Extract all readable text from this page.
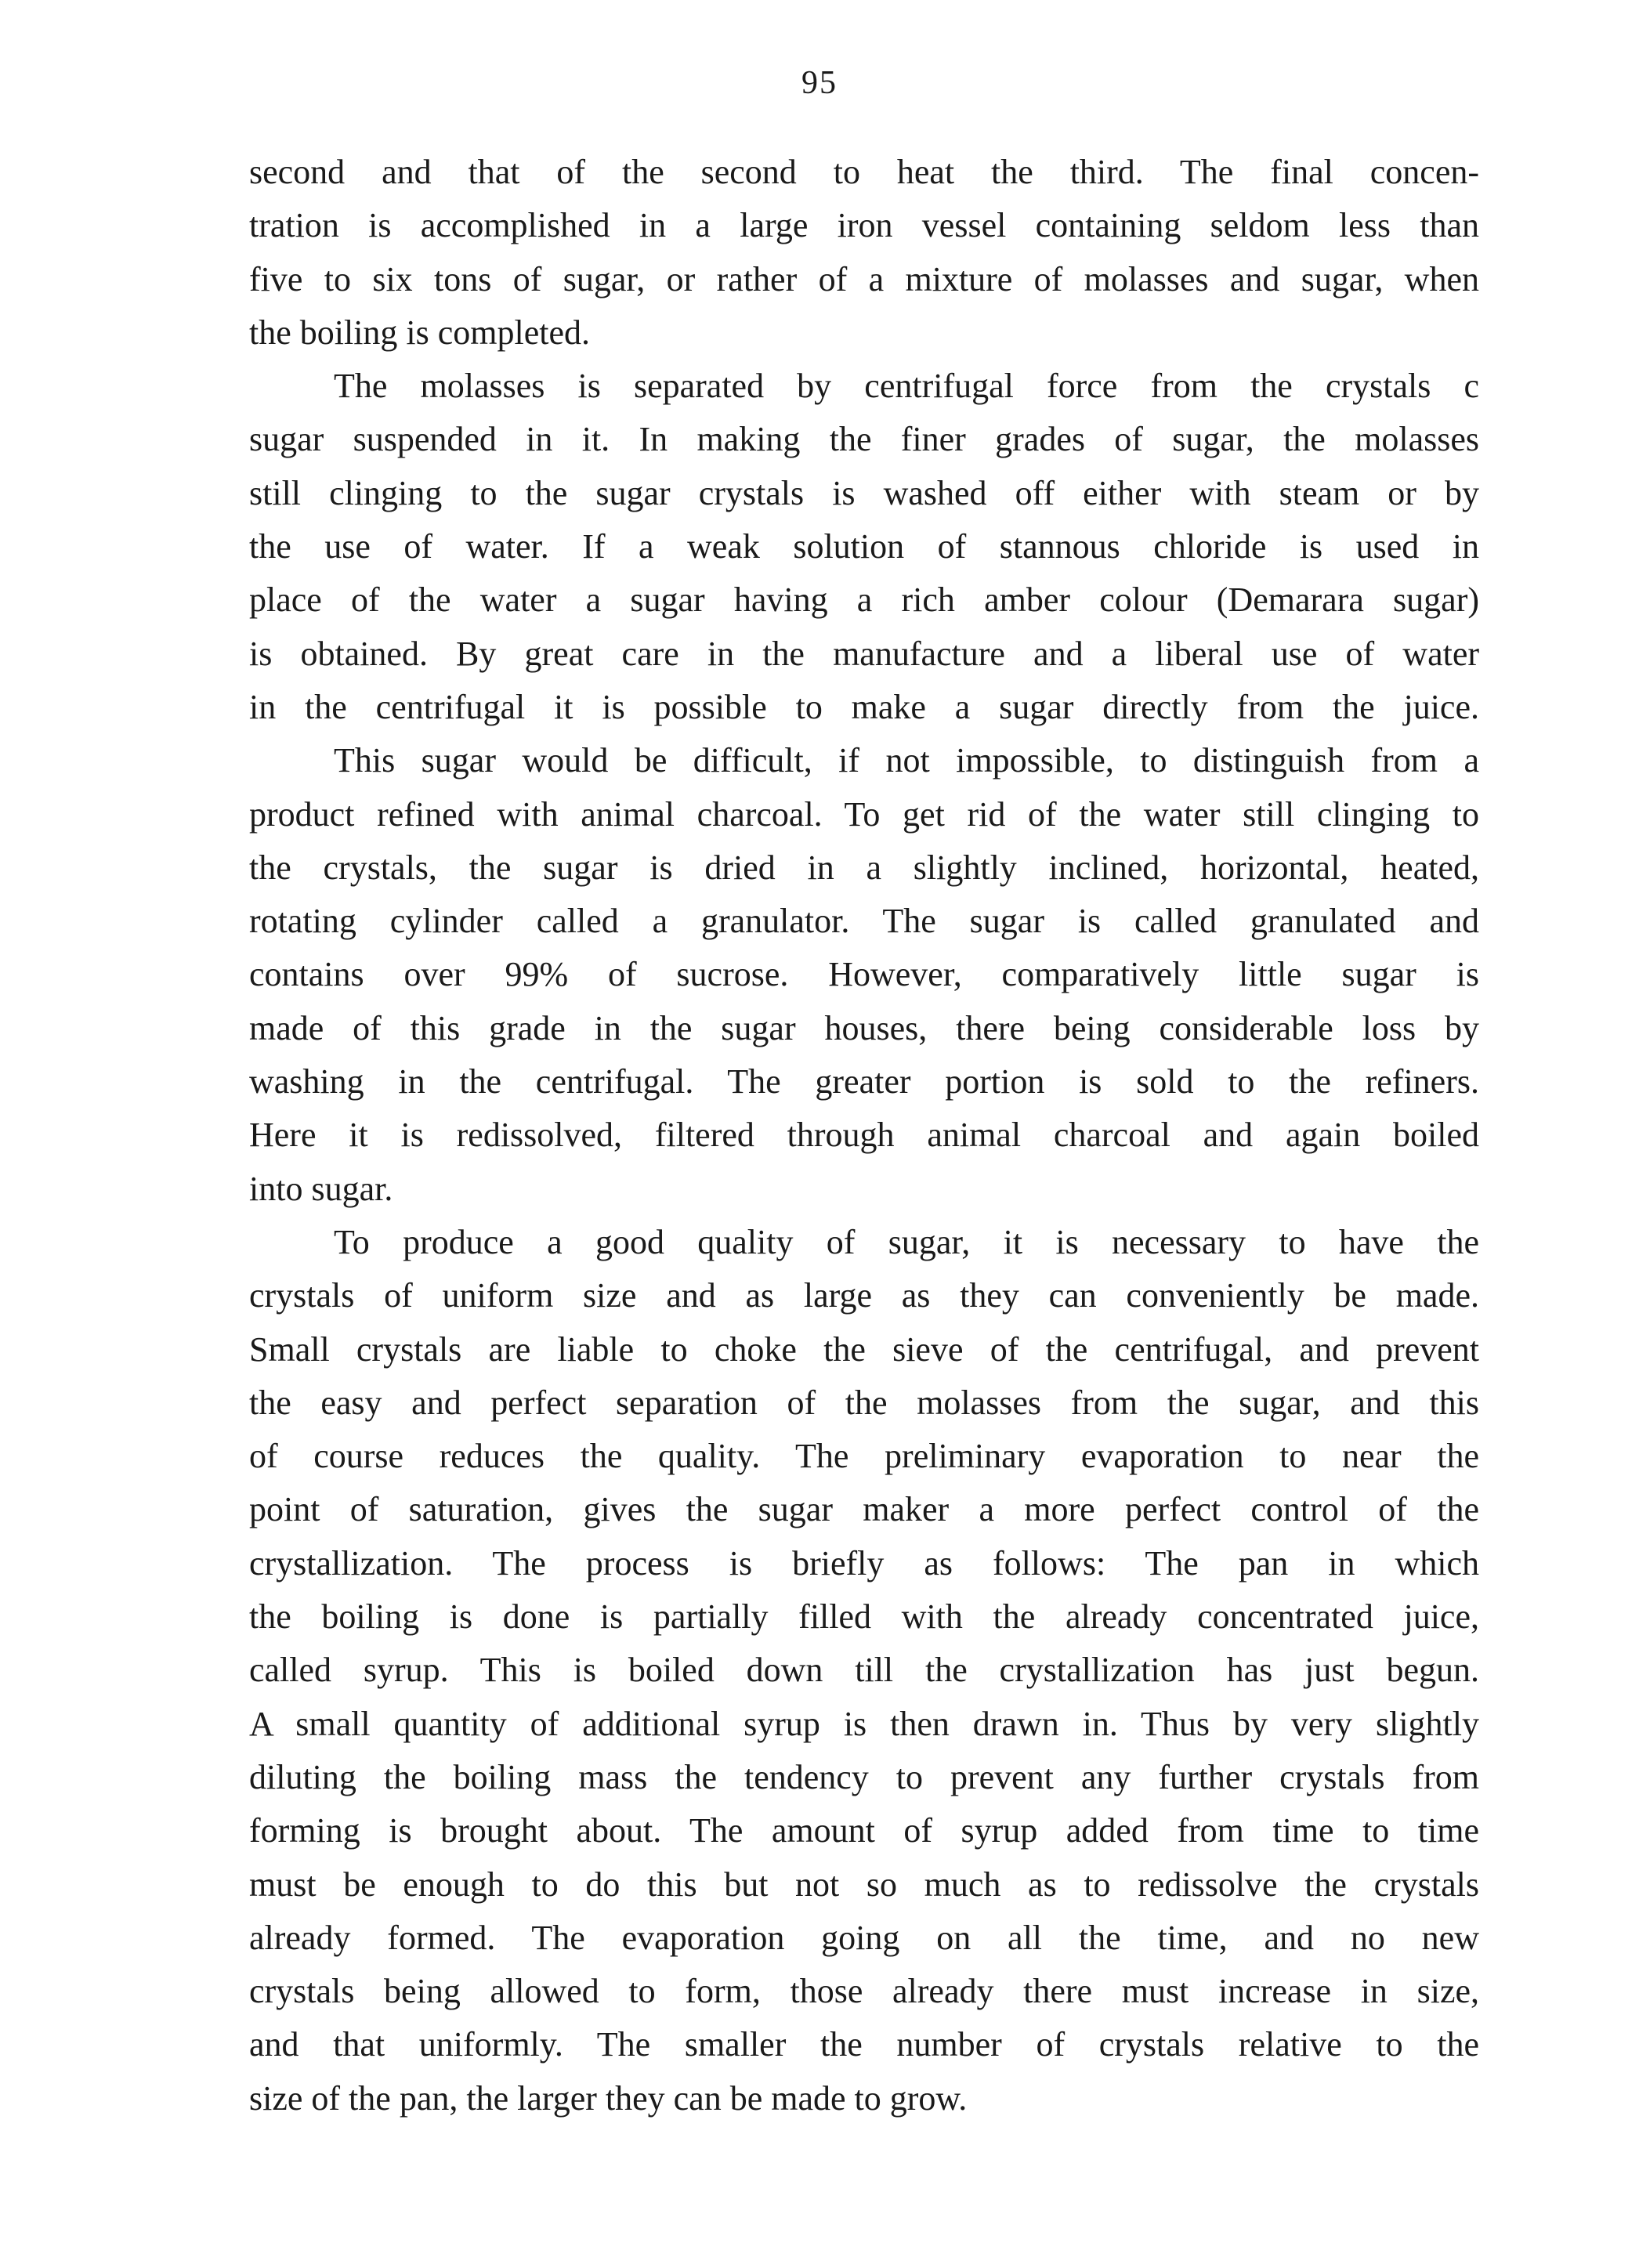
95
second and that of the second to heat the third. The final concen-
tration is accomplished in a large iron vessel containing seldom less than
five to six tons of sugar, or rather of a mixture of molasses and sugar, when
the boiling is completed.
The molasses is separated by centrifugal force from the crystals c
sugar suspended in it. In making the finer grades of sugar, the molasses
still clinging to the sugar crystals is washed off either with steam or by
the use of water. If a weak solution of stannous chloride is used in
place of the water a sugar having a rich amber colour (Demarara sugar)
is obtained. By great care in the manufacture and a liberal use of water
in the centrifugal it is possible to make a sugar directly from the juice.
This sugar would be difficult, if not impossible, to distinguish from a
product refined with animal charcoal. To get rid of the water still clinging to
the crystals, the sugar is dried in a slightly inclined, horizontal, heated,
rotating cylinder called a granulator. The sugar is called granulated and
contains over 99% of sucrose. However, comparatively little sugar is
made of this grade in the sugar houses, there being considerable loss by
washing in the centrifugal. The greater portion is sold to the refiners.
Here it is redissolved, filtered through animal charcoal and again boiled
into sugar.
To produce a good quality of sugar, it is necessary to have the
crystals of uniform size and as large as they can conveniently be made.
Small crystals are liable to choke the sieve of the centrifugal, and prevent
the easy and perfect separation of the molasses from the sugar, and this
of course reduces the quality. The preliminary evaporation to near the
point of saturation, gives the sugar maker a more perfect control of the
crystallization. The process is briefly as follows: The pan in which
the boiling is done is partially filled with the already concentrated juice,
called syrup. This is boiled down till the crystallization has just begun.
A small quantity of additional syrup is then drawn in. Thus by very slightly
diluting the boiling mass the tendency to prevent any further crystals from
forming is brought about. The amount of syrup added from time to time
must be enough to do this but not so much as to redissolve the crystals
already formed. The evaporation going on all the time, and no new
crystals being allowed to form, those already there must increase in size,
and that uniformly. The smaller the number of crystals relative to the
size of the pan, the larger they can be made to grow.
